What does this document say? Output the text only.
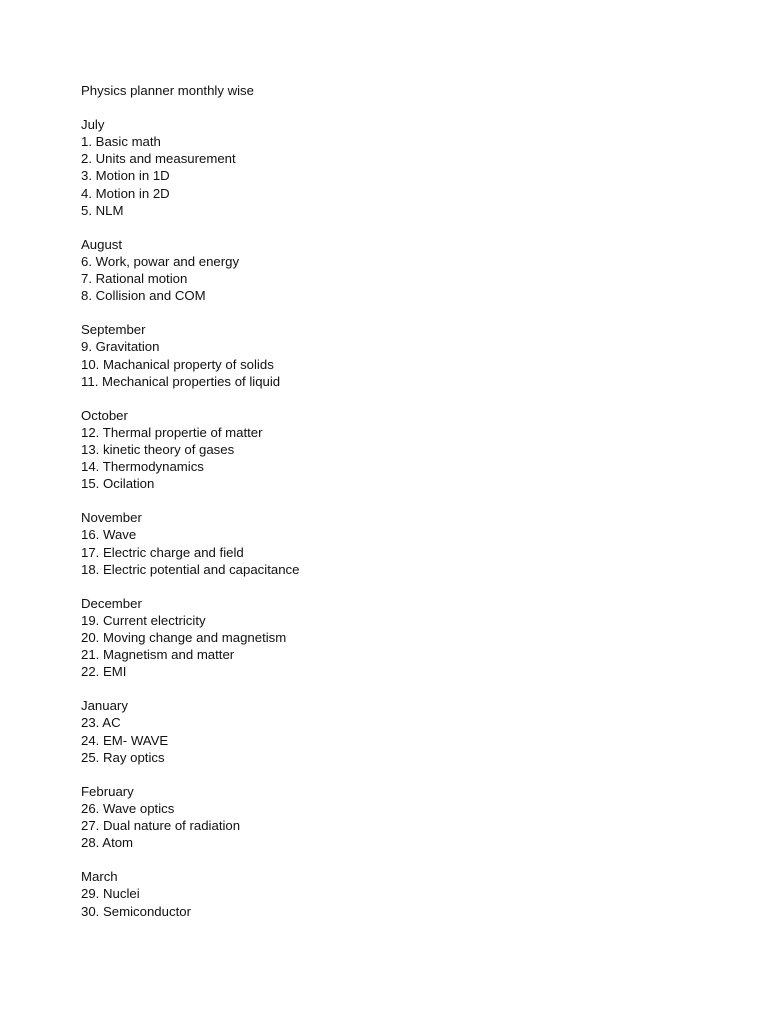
Physics planner monthly wise
July
1. Basic math
2. Units and measurement
3. Motion in 1D
4. Motion in 2D
5. NLM
August
6. Work, powar and energy
7. Rational motion
8. Collision and COM
September
9. Gravitation
10. Machanical property of solids
11. Mechanical properties of liquid
October
12. Thermal propertie of matter
13. kinetic theory of gases
14. Thermodynamics
15. Ocilation
November
16. Wave
17. Electric charge and field
18. Electric potential and capacitance
December
19. Current electricity
20. Moving change and magnetism
21. Magnetism and matter
22. EMI
January
23. AC
24. EM- WAVE
25. Ray optics
February
26. Wave optics
27. Dual nature of radiation
28. Atom
March
29. Nuclei
30. Semiconductor
